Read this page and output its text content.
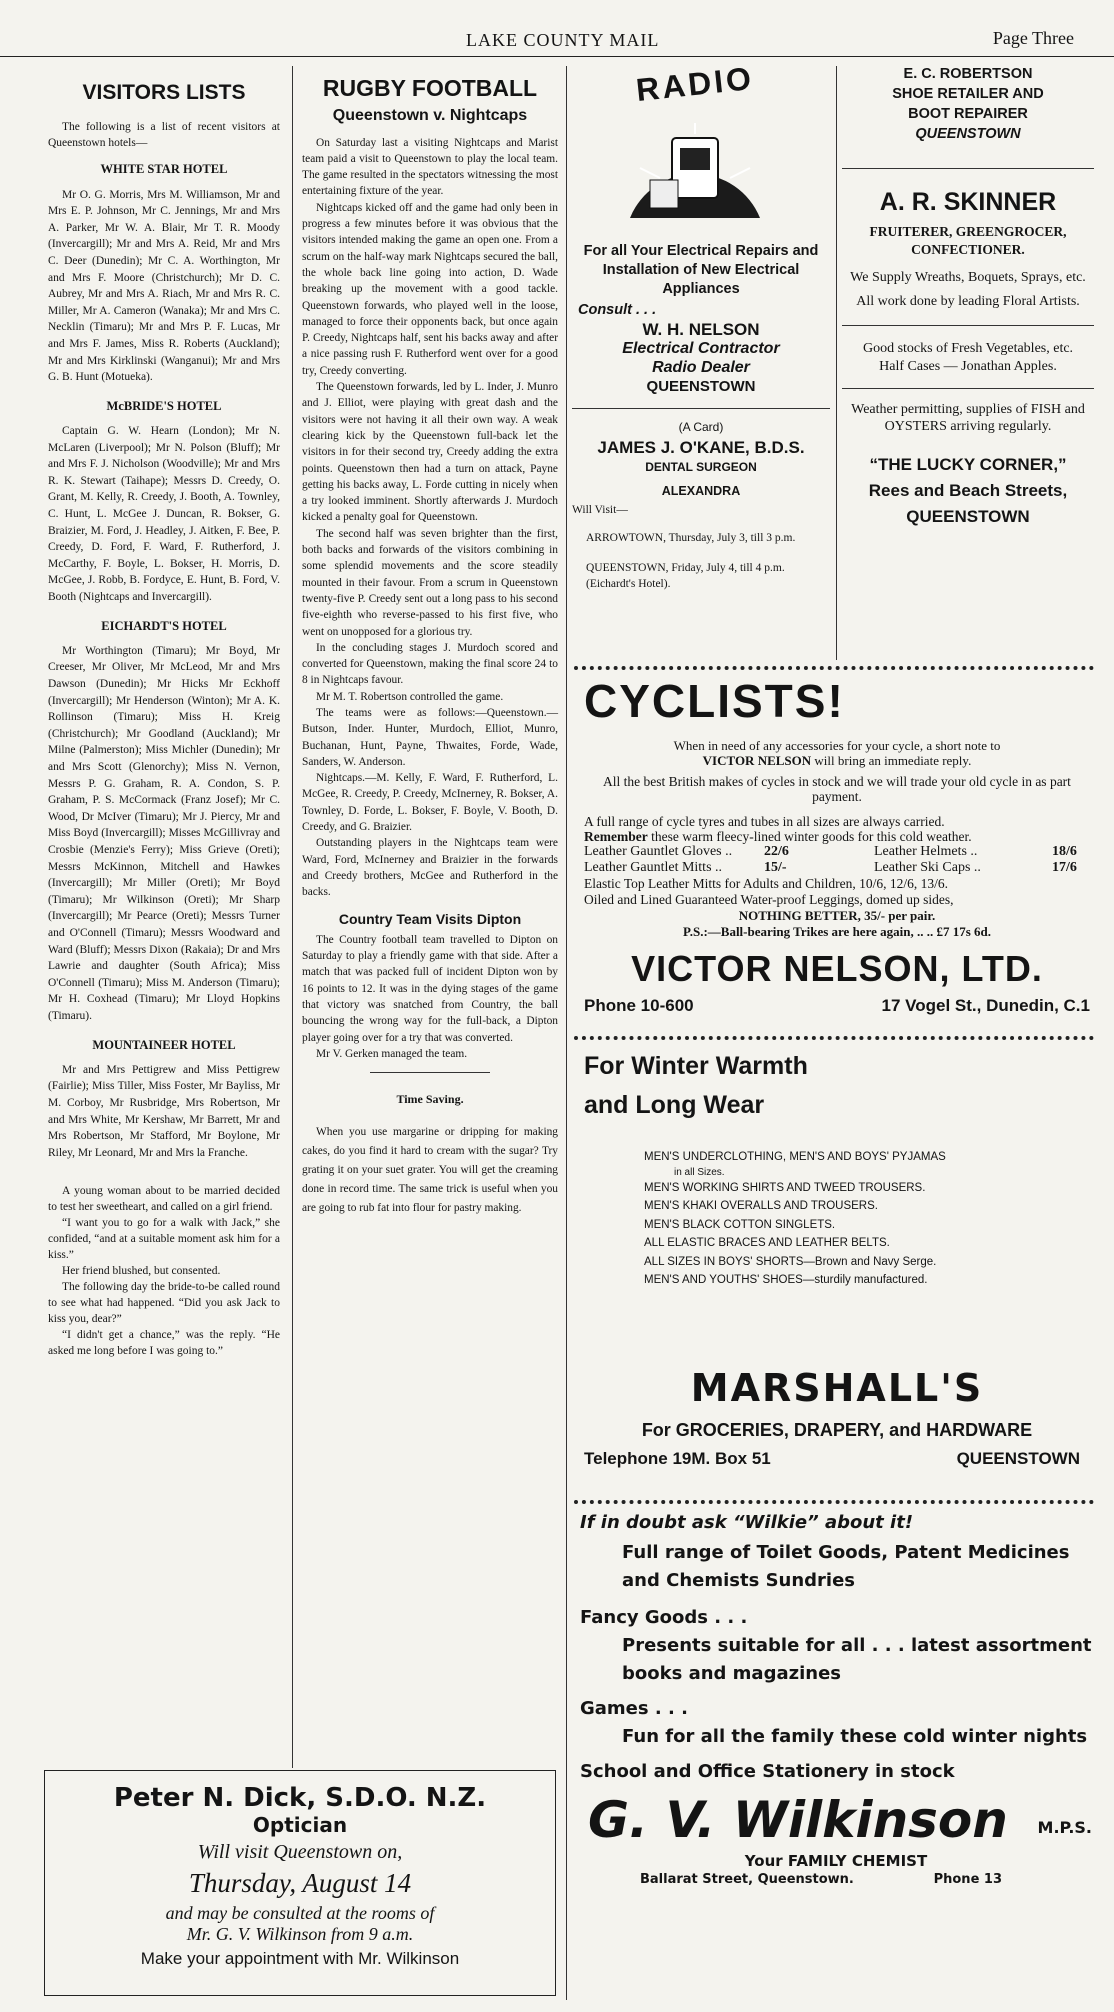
LAKE COUNTY MAIL	Page Three
VISITORS LISTS

The following is a list of recent visitors at Queenstown hotels—

WHITE STAR HOTEL

Mr O. G. Morris, Mrs M. Williamson, Mr and Mrs E. P. Johnson, Mr C. Jennings, Mr and Mrs A. Parker, Mr W. A. Blair, Mr T. R. Moody (Invercargill); Mr and Mrs A. Reid, Mr and Mrs C. Deer (Dunedin); Mr C. A. Worthington, Mr and Mrs F. Moore (Christchurch); Mr D. C. Aubrey, Mr and Mrs A. Riach, Mr and Mrs R. C. Miller, Mr A. Cameron (Wanaka); Mr and Mrs C. Necklin (Timaru); Mr and Mrs P. F. Lucas, Mr and Mrs F. James, Miss R. Roberts (Auckland); Mr and Mrs Kirklinski (Wanganui); Mr and Mrs G. B. Hunt (Motueka).

McBRIDE'S HOTEL

Captain G. W. Hearn (London); Mr N. McLaren (Liverpool); Mr N. Polson (Bluff); Mr and Mrs F. J. Nicholson (Woodville); Mr and Mrs R. K. Stewart (Taihape); Messrs D. Creedy, O. Grant, M. Kelly, R. Creedy, J. Booth, A. Townley, C. Hunt, L. McGee J. Duncan, R. Bokser, G. Braizier, M. Ford, J. Headley, J. Aitken, F. Bee, P. Creedy, D. Ford, F. Ward, F. Rutherford, J. McCarthy, F. Boyle, L. Bokser, H. Morris, D. McGee, J. Robb, B. Fordyce, E. Hunt, B. Ford, V. Booth (Nightcaps and Invercargill).

EICHARDT'S HOTEL

Mr Worthington (Timaru); Mr Boyd, Mr Creeser, Mr Oliver, Mr McLeod, Mr and Mrs Dawson (Dunedin); Mr Hicks Mr Eckhoff (Invercargill); Mr Henderson (Winton); Mr A. K. Rollinson (Timaru); Miss H. Kreig (Christchurch); Mr Goodland (Auckland); Mr Milne (Palmerston); Miss Michler (Dunedin); Mr and Mrs Scott (Glenorchy); Miss N. Vernon, Messrs P. G. Graham, R. A. Condon, S. P. Graham, P. S. McCormack (Franz Josef); Mr C. Wood, Dr McIver (Timaru); Mr J. Piercy, Mr and Miss Boyd (Invercargill); Misses McGillivray and Crosbie (Menzie's Ferry); Miss Grieve (Oreti); Messrs McKinnon, Mitchell and Hawkes (Invercargill); Mr Miller (Oreti); Mr Boyd (Timaru); Mr Wilkinson (Oreti); Mr Sharp (Invercargill); Mr Pearce (Oreti); Messrs Turner and O'Connell (Timaru); Messrs Woodward and Ward (Bluff); Messrs Dixon (Rakaia); Dr and Mrs Lawrie and daughter (South Africa); Miss O'Connell (Timaru); Miss M. Anderson (Timaru); Mr H. Coxhead (Timaru); Mr Lloyd Hopkins (Timaru).

MOUNTAINEER HOTEL

Mr and Mrs Pettigrew and Miss Pettigrew (Fairlie); Miss Tiller, Miss Foster, Mr Bayliss, Mr M. Corboy, Mr Rusbridge, Mrs Robertson, Mr and Mrs White, Mr Kershaw, Mr Barrett, Mr and Mrs Robertson, Mr Stafford, Mr Boylone, Mr Riley, Mr Leonard, Mr and Mrs la Franche.

A young woman about to be married decided to test her sweetheart, and called on a girl friend.

“I want you to go for a walk with Jack,” she confided, “and at a suitable moment ask him for a kiss.”

Her friend blushed, but consented.

The following day the bride-to-be called round to see what had happened. “Did you ask Jack to kiss you, dear?”

“I didn't get a chance,” was the reply. “He asked me long before I was going to.”

RUGBY FOOTBALL
Queenstown v. Nightcaps

On Saturday last a visiting Nightcaps and Marist team paid a visit to Queenstown to play the local team. The game resulted in the spectators witnessing the most entertaining fixture of the year.

Nightcaps kicked off and the game had only been in progress a few minutes before it was obvious that the visitors intended making the game an open one. From a scrum on the half-way mark Nightcaps secured the ball, the whole back line going into action, D. Wade breaking up the movement with a good tackle. Queenstown forwards, who played well in the loose, managed to force their opponents back, but once again P. Creedy, Nightcaps half, sent his backs away and after a nice passing rush F. Rutherford went over for a good try, Creedy converting.

The Queenstown forwards, led by L. Inder, J. Munro and J. Elliot, were playing with great dash and the visitors were not having it all their own way. A weak clearing kick by the Queenstown full-back let the visitors in for their second try, Creedy adding the extra points. Queenstown then had a turn on attack, Payne getting his backs away, L. Forde cutting in nicely when a try looked imminent. Shortly afterwards J. Murdoch kicked a penalty goal for Queenstown.

The second half was seven brighter than the first, both backs and forwards of the visitors combining in some splendid movements and the score steadily mounted in their favour. From a scrum in Queenstown twenty-five P. Creedy sent out a long pass to his second five-eighth who reverse-passed to his first five, who went on unopposed for a glorious try.

In the concluding stages J. Murdoch scored and converted for Queenstown, making the final score 24 to 8 in Nightcaps favour.

Mr M. T. Robertson controlled the game.

The teams were as follows:—Queenstown.—Butson, Inder. Hunter, Murdoch, Elliot, Munro, Buchanan, Hunt, Payne, Thwaites, Forde, Wade, Sanders, W. Anderson.

Nightcaps.—M. Kelly, F. Ward, F. Rutherford, L. McGee, R. Creedy, P. Creedy, McInerney, R. Bokser, A. Townley, D. Forde, L. Bokser, F. Boyle, V. Booth, D. Creedy, and G. Braizier.

Outstanding players in the Nightcaps team were Ward, Ford, McInerney and Braizier in the forwards and Creedy brothers, McGee and Rutherford in the backs.

Country Team Visits Dipton

The Country football team travelled to Dipton on Saturday to play a friendly game with that side. After a match that was packed full of incident Dipton won by 16 points to 12. It was in the dying stages of the game that victory was snatched from Country, the ball bouncing the wrong way for the full-back, a Dipton player going over for a try that was converted.

Mr V. Gerken managed the team.

Time Saving.

When you use margarine or dripping for making cakes, do you find it hard to cream with the sugar? Try grating it on your suet grater. You will get the creaming done in record time. The same trick is useful when you are going to rub fat into flour for pastry making.

Peter N. Dick, S.D.O. N.Z.
Optician
Will visit Queenstown on,
Thursday, August 14
and may be consulted at the rooms of
Mr. G. V. Wilkinson from 9 a.m.
Make your appointment with Mr. Wilkinson
RADIO
For all Your Electrical Repairs and Installation of New Electrical Appliances
Consult . . .
W. H. NELSON
Electrical Contractor
Radio Dealer
QUEENSTOWN
(A Card)
JAMES J. O'KANE, B.D.S.
DENTAL SURGEON
ALEXANDRA
Will Visit—
ARROWTOWN, Thursday, July 3, till 3 p.m.
QUEENSTOWN, Friday, July 4, till 4 p.m. (Eichardt's Hotel).
E. C. ROBERTSON
SHOE RETAILER AND
BOOT REPAIRER
QUEENSTOWN
A. R. SKINNER
FRUITERER, GREENGROCER, CONFECTIONER.
We Supply Wreaths, Boquets, Sprays, etc.
All work done by leading Floral Artists.
Good stocks of Fresh Vegetables, etc.
Half Cases — Jonathan Apples.
Weather permitting, supplies of FISH and OYSTERS arriving regularly.
“THE LUCKY CORNER,”
Rees and Beach Streets,
QUEENSTOWN
CYCLISTS!
When in need of any accessories for your cycle, a short note to
VICTOR NELSON will bring an immediate reply.
All the best British makes of cycles in stock and we will trade your old cycle in as part payment.
A full range of cycle tyres and tubes in all sizes are always carried.
Remember these warm fleecy-lined winter goods for this cold weather.
Leather Gauntlet Gloves .. 22/6	Leather Helmets ..	18/6
Leather Gauntlet Mitts ..	15/-	Leather Ski Caps ..	17/6
Elastic Top Leather Mitts for Adults and Children, 10/6, 12/6, 13/6.
Oiled and Lined Guaranteed Water-proof Leggings, domed up sides,
NOTHING BETTER, 35/- per pair.
P.S.:—Ball-bearing Trikes are here again, .. .. £7 17s 6d.
VICTOR NELSON, LTD.
Phone 10-600	17 Vogel St., Dunedin, C.1
For Winter Warmth
and Long Wear
MEN'S UNDERCLOTHING, MEN'S AND BOYS' PYJAMAS
in all Sizes.
MEN'S WORKING SHIRTS AND TWEED TROUSERS.
MEN'S KHAKI OVERALLS AND TROUSERS.
MEN'S BLACK COTTON SINGLETS.
ALL ELASTIC BRACES AND LEATHER BELTS.
ALL SIZES IN BOYS' SHORTS—Brown and Navy Serge.
MEN'S AND YOUTHS' SHOES—sturdily manufactured.
MARSHALL'S
For GROCERIES, DRAPERY, and HARDWARE
Telephone 19M. Box 51	QUEENSTOWN
If in doubt ask “Wilkie” about it!
Full range of Toilet Goods, Patent Medicines and Chemists Sundries
Fancy Goods . . .
Presents suitable for all . . . latest assortment books and magazines
Games . . .
Fun for all the family these cold winter nights
School and Office Stationery in stock
G. V. Wilkinson M.P.S.
Your FAMILY CHEMIST
Ballarat Street, Queenstown.	Phone 13
